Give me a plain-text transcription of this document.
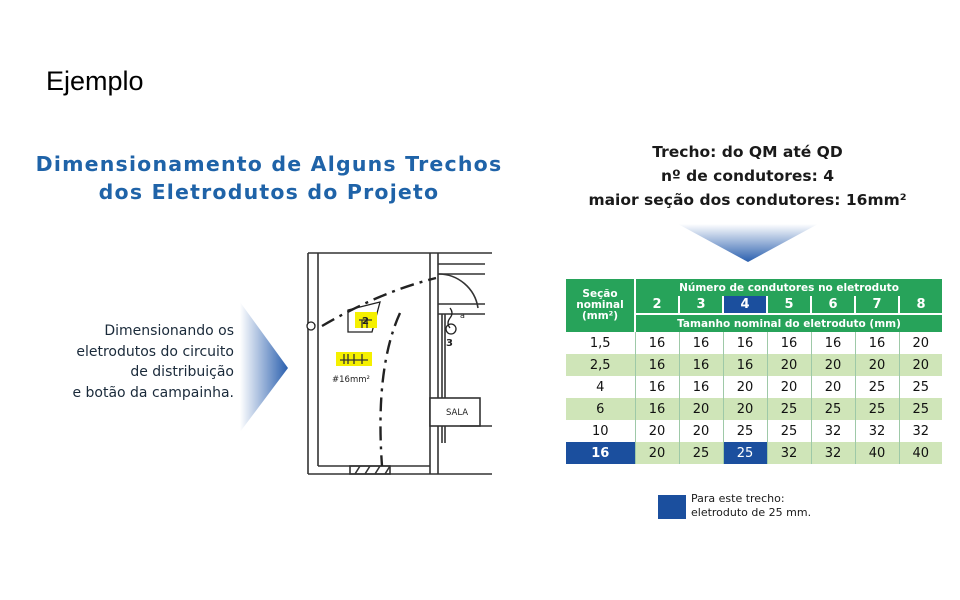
Ejemplo
Dimensionamento de Alguns Trechos
dos Eletrodutos do Projeto
Dimensionando os
eletrodutos do circuito
de distribuição
e botão da campainha.
2
3
a
#16mm²
SALA
Trecho: do QM até QD
nº de condutores: 4
maior seção dos condutores: 16mm²
Seção
nominal
(mm²)	Número de condutores no eletroduto						
	2	3	4	5	6	7	8
	Tamanho nominal do eletroduto (mm)						
1,5	16	16	16	16	16	16	20
2,5	16	16	16	20	20	20	20
4	16	16	20	20	20	25	25
6	16	20	20	25	25	25	25
10	20	20	25	25	32	32	32
16	20	25	25	32	32	40	40
Para este trecho:
eletroduto de 25 mm.
